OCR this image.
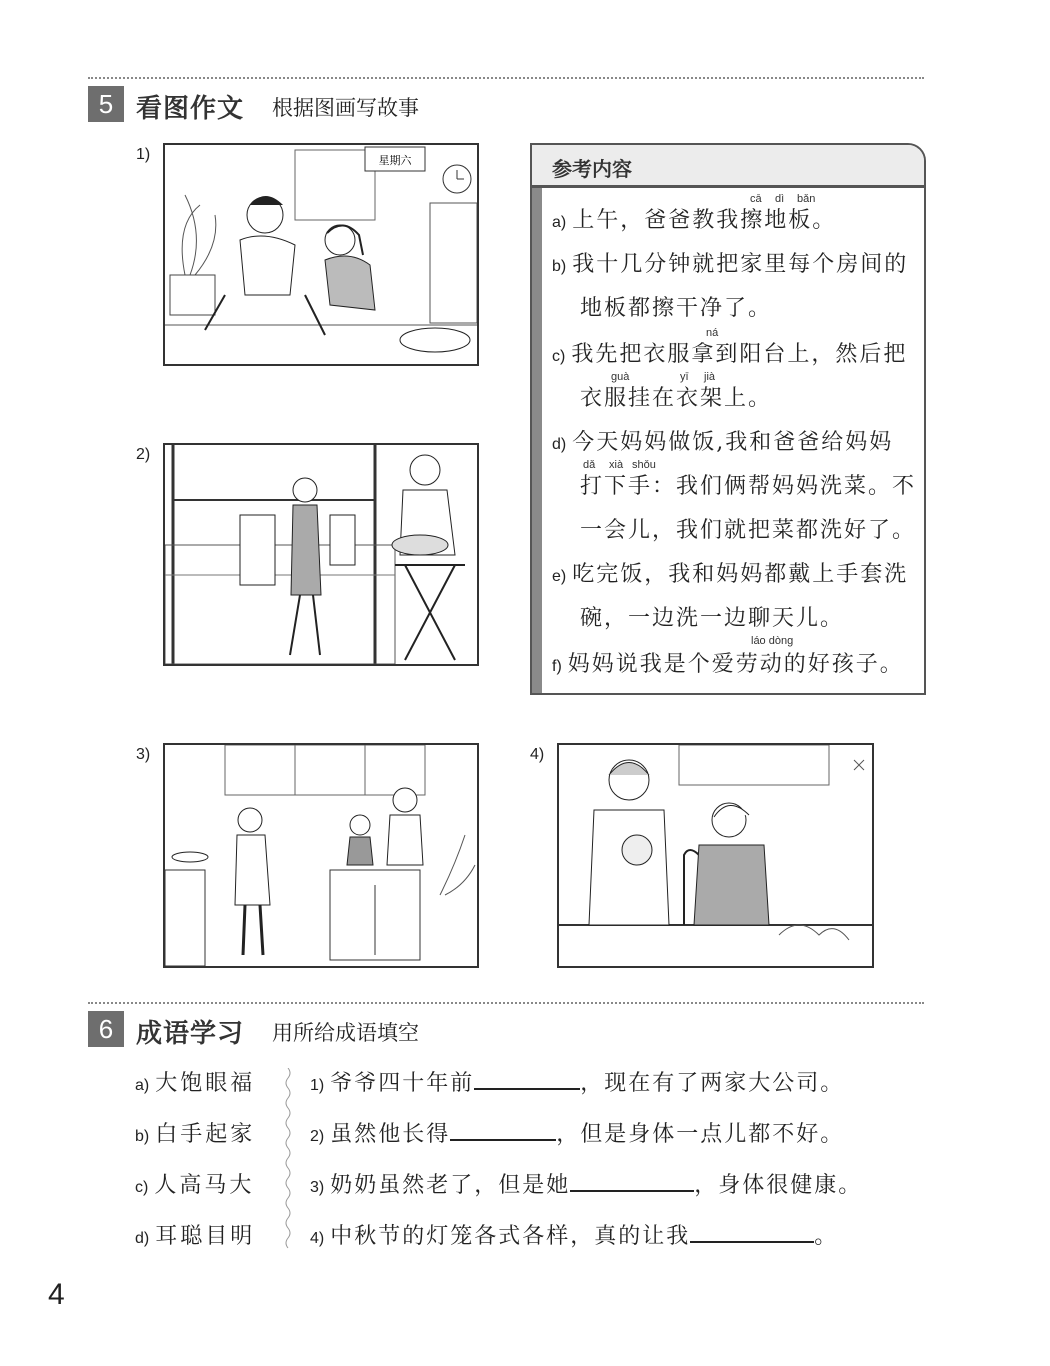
5 看图作文 根据图画写故事
1)	星期六
2)
3)	4)
参考内容
cā dì bǎn
ná
guà	yī jià
dǎ xià shǒu
láo dòng
a) 上午，爸爸教我擦地板。
b) 我十几分钟就把家里每个房间的
地板都擦干净了。
c) 我先把衣服拿到阳台上，然后把
衣服挂在衣架上。
d) 今天妈妈做饭,我和爸爸给妈妈
打下手：我们俩帮妈妈洗菜。不
一会儿，我们就把菜都洗好了。
e) 吃完饭，我和妈妈都戴上手套洗
碗，一边洗一边聊天儿。
f) 妈妈说我是个爱劳动的好孩子。
6 成语学习 用所给成语填空
a) 大饱眼福
b) 白手起家
c) 人高马大
d) 耳聪目明
1) 爷爷四十年前	，现在有了两家大公司。
2) 虽然他长得	，但是身体一点儿都不好。
3) 奶奶虽然老了，但是她	，身体很健康。
4) 中秋节的灯笼各式各样，真的让我	。
4
